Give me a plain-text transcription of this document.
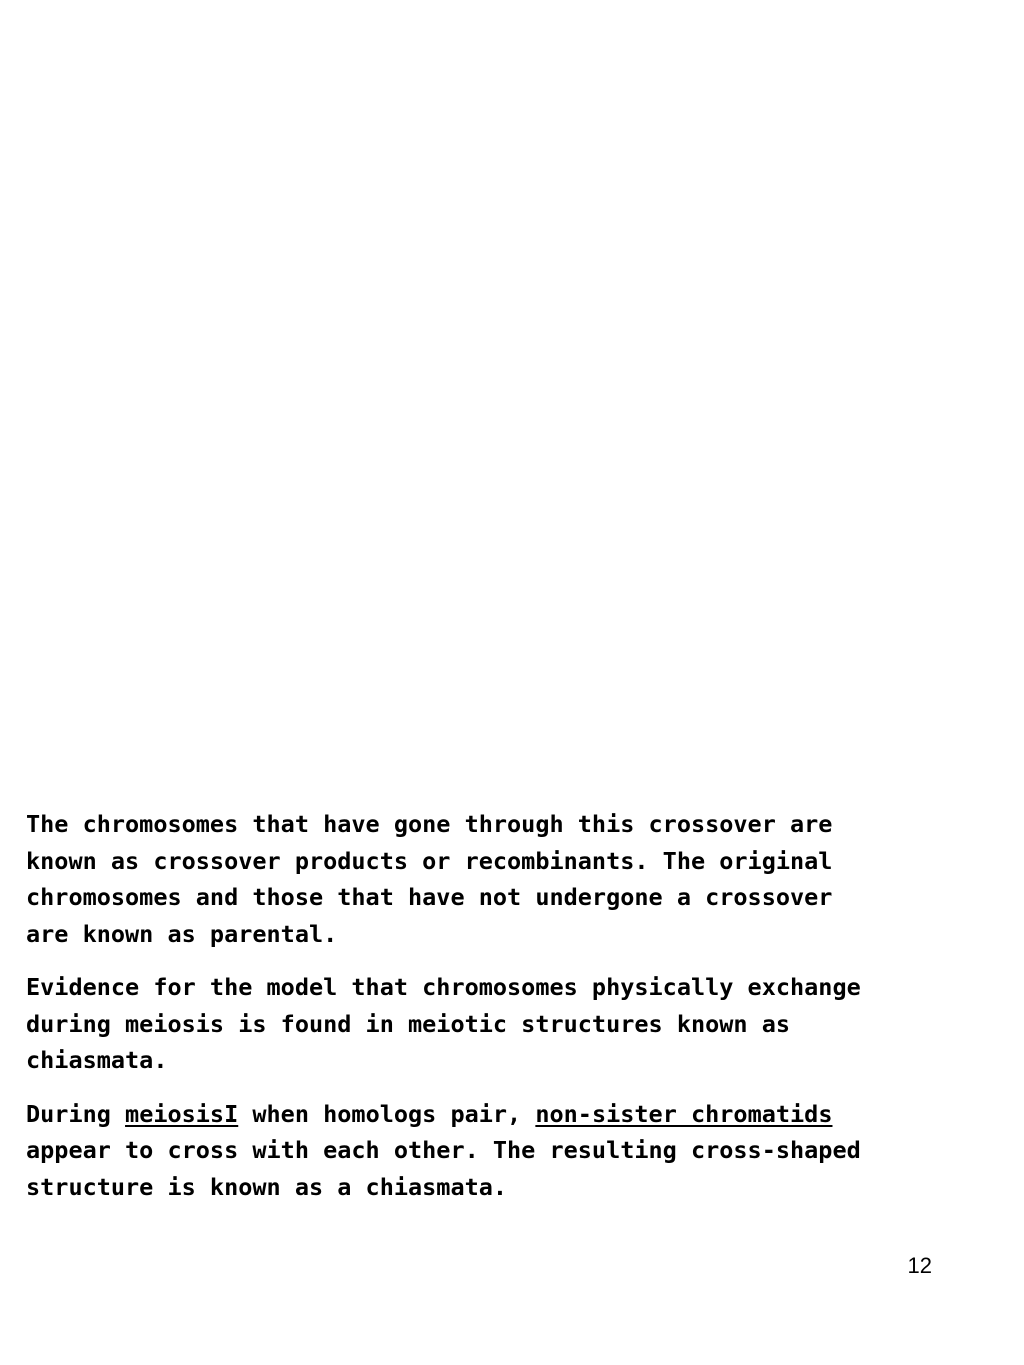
The chromosomes that have gone through this crossover are
known as crossover products or recombinants. The original
chromosomes and those that have not undergone a crossover
are known as parental.

Evidence for the model that chromosomes physically exchange
during meiosis is found in meiotic structures known as
chiasmata.

During meiosisI when homologs pair, non-sister chromatids
appear to cross with each other. The resulting cross-shaped
structure is known as a chiasmata.

12
